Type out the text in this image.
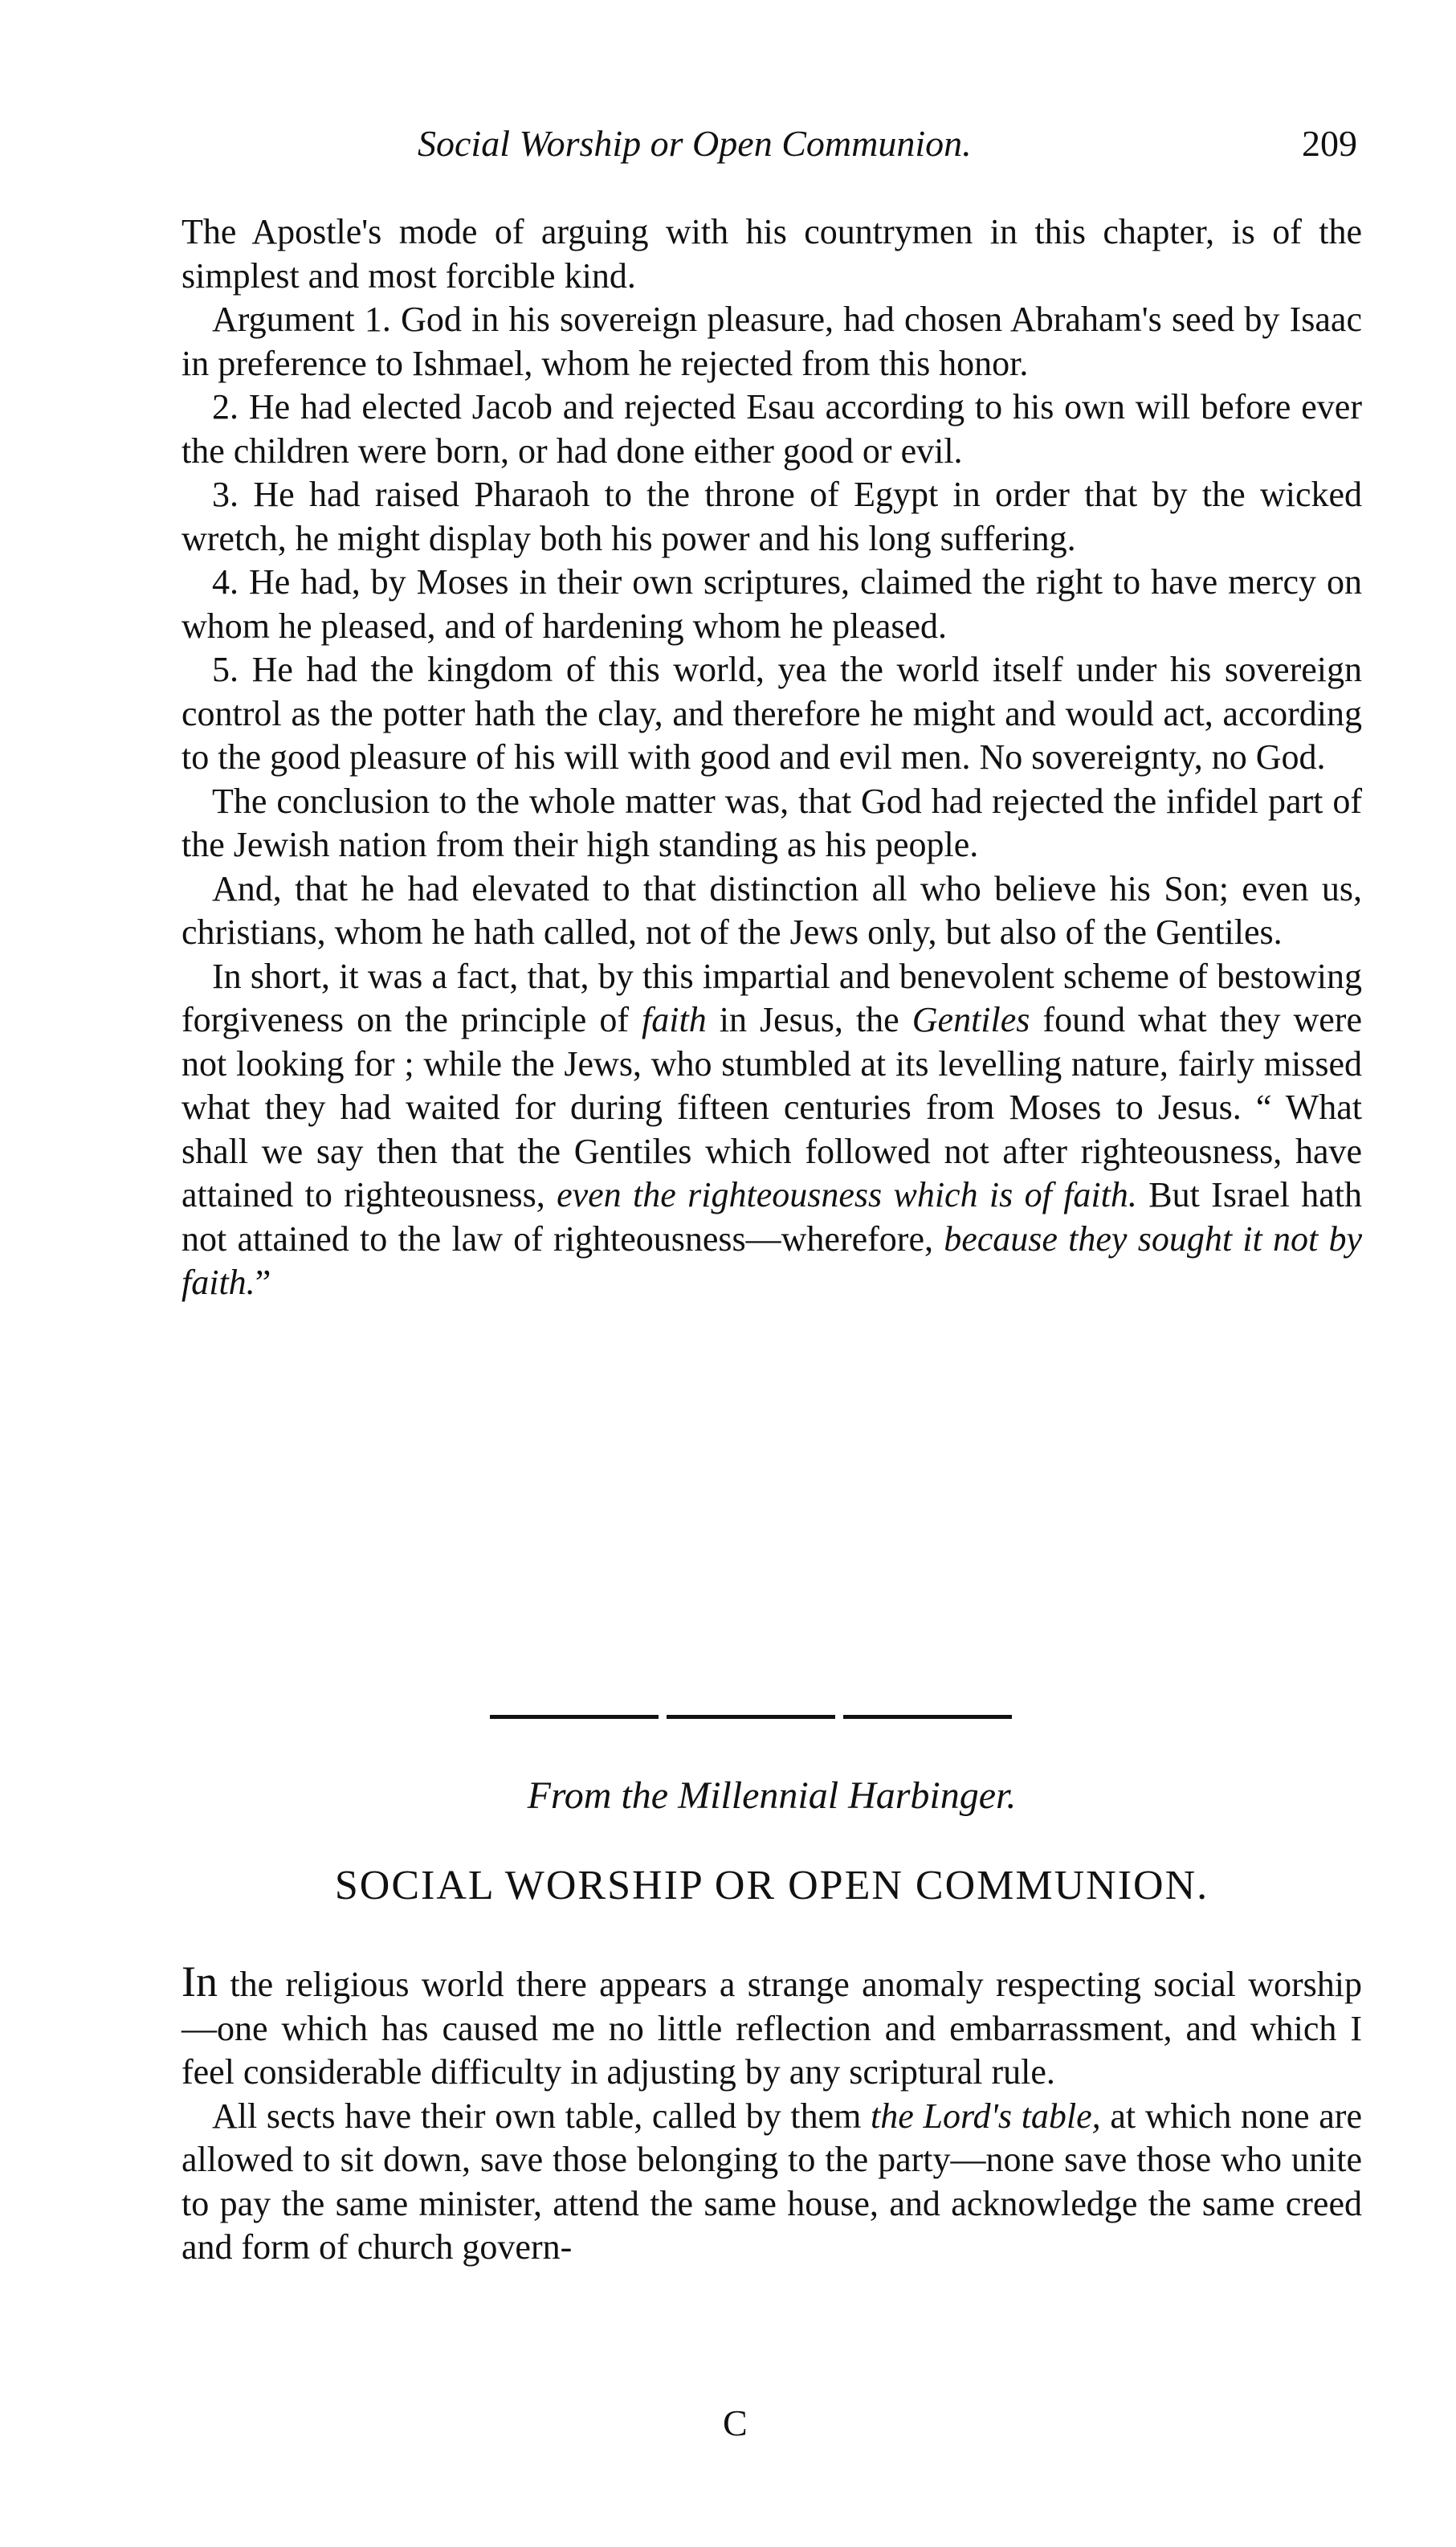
Social Worship or Open Communion.	209

The Apostle's mode of arguing with his countrymen in this chapter, is of the simplest and most forcible kind.

Argument 1. God in his sovereign pleasure, had chosen Abraham's seed by Isaac in preference to Ishmael, whom he rejected from this honor.

2. He had elected Jacob and rejected Esau according to his own will before ever the children were born, or had done either good or evil.

3. He had raised Pharaoh to the throne of Egypt in order that by the wicked wretch, he might display both his power and his long suffering.

4. He had, by Moses in their own scriptures, claimed the right to have mercy on whom he pleased, and of hardening whom he pleased.

5. He had the kingdom of this world, yea the world itself under his sovereign control as the potter hath the clay, and therefore he might and would act, according to the good pleasure of his will with good and evil men. No sovereignty, no God.

The conclusion to the whole matter was, that God had rejected the infidel part of the Jewish nation from their high standing as his people.

And, that he had elevated to that distinction all who believe his Son; even us, christians, whom he hath called, not of the Jews only, but also of the Gentiles.

In short, it was a fact, that, by this impartial and benevolent scheme of bestowing forgiveness on the principle of faith in Jesus, the Gentiles found what they were not looking for ; while the Jews, who stumbled at its levelling nature, fairly missed what they had waited for during fifteen centuries from Moses to Jesus. “ What shall we say then that the Gentiles which followed not after righteousness, have attained to righteousness, even the righteousness which is of faith. But Israel hath not attained to the law of righteousness—wherefore, because they sought it not by faith.”

From the Millennial Harbinger.
SOCIAL WORSHIP OR OPEN COMMUNION.

In the religious world there appears a strange anomaly respecting social worship —one which has caused me no little reflection and embarrassment, and which I feel considerable difficulty in adjusting by any scriptural rule.

All sects have their own table, called by them the Lord's table, at which none are allowed to sit down, save those belonging to the party—none save those who unite to pay the same minister, attend the same house, and acknowledge the same creed and form of church govern-

C
